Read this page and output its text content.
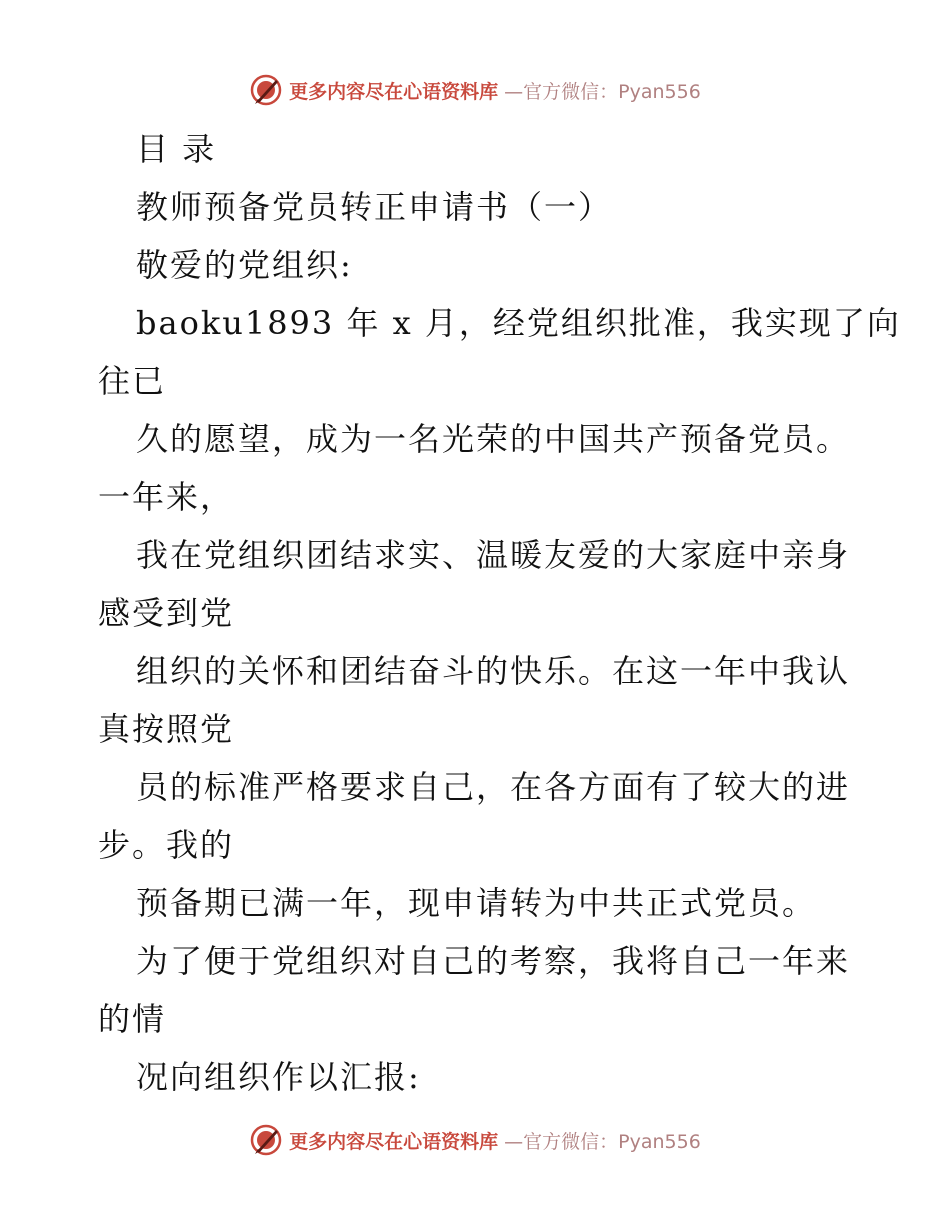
更多内容尽在心语资料库 —官方微信：Pyan556
目 录
教师预备党员转正申请书（一）
敬爱的党组织:
baoku1893 年 x 月，经党组织批准，我实现了向
往已
久的愿望，成为一名光荣的中国共产预备党员。
一年来，
我在党组织团结求实、温暖友爱的大家庭中亲身
感受到党
组织的关怀和团结奋斗的快乐。在这一年中我认
真按照党
员的标准严格要求自己，在各方面有了较大的进
步。我的
预备期已满一年，现申请转为中共正式党员。
为了便于党组织对自己的考察，我将自己一年来
的情
况向组织作以汇报:
更多内容尽在心语资料库 —官方微信：Pyan556
